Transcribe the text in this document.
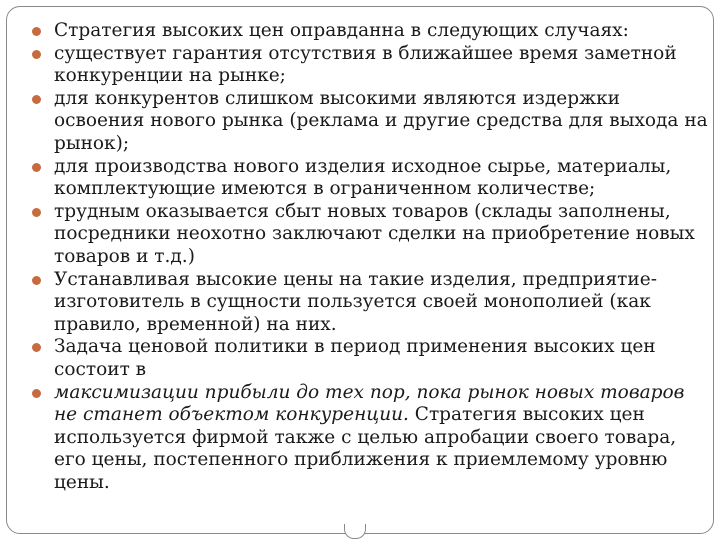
Стратегия высоких цен оправданна в следующих случаях:
существует гарантия отсутствия в ближайшее время заметной конкуренции на рынке;
для конкурентов слишком высокими являются издержки освоения нового рынка (реклама и другие средства для выхода на рынок);
для производства нового изделия исходное сырье, материалы, комплектующие имеются в ограниченном количестве;
трудным оказывается сбыт новых товаров (склады заполнены, посредники неохотно заключают сделки на приобретение новых товаров и т.д.)
Устанавливая высокие цены на такие изделия, предприятие-изготовитель в сущности пользуется своей монополией (как правило, временной) на них.
Задача ценовой политики в период применения высоких цен состоит в
максимизации прибыли до тех пор, пока рынок новых товаров не станет объектом конкуренции. Стратегия высоких цен используется фирмой также с целью апробации своего товара, его цены, постепенного приближения к приемлемому уровню цены.
